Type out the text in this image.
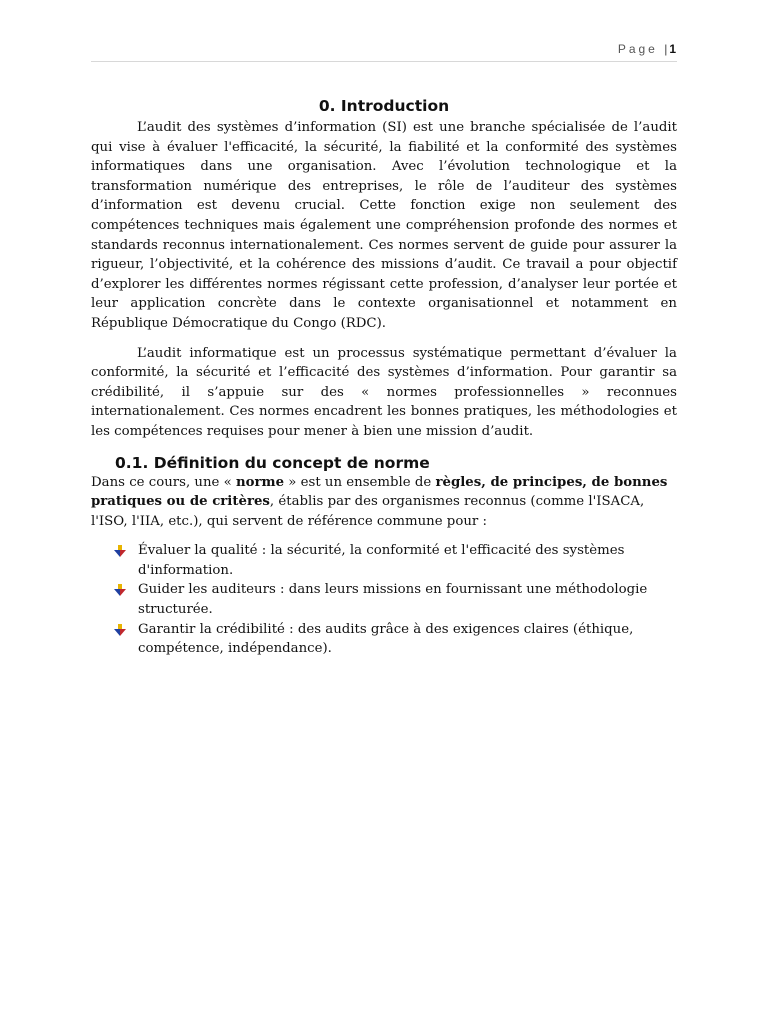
Page | 1
0. Introduction

L’audit des systèmes d’information (SI) est une branche spécialisée de l’audit qui vise à évaluer l'efficacité, la sécurité, la fiabilité et la conformité des systèmes informatiques dans une organisation. Avec l’évolution technologique et la transformation numérique des entreprises, le rôle de l’auditeur des systèmes d’information est devenu crucial. Cette fonction exige non seulement des compétences techniques mais également une compréhension profonde des normes et standards reconnus internationalement. Ces normes servent de guide pour assurer la rigueur, l’objectivité, et la cohérence des missions d’audit. Ce travail a pour objectif d’explorer les différentes normes régissant cette profession, d’analyser leur portée et leur application concrète dans le contexte organisationnel et notamment en République Démocratique du Congo (RDC).

L’audit informatique est un processus systématique permettant d’évaluer la conformité, la sécurité et l’efficacité des systèmes d’information. Pour garantir sa crédibilité, il s’appuie sur des « normes professionnelles » reconnues internationalement. Ces normes encadrent les bonnes pratiques, les méthodologies et les compétences requises pour mener à bien une mission d’audit.

0.1. Définition du concept de norme

Dans ce cours, une « norme » est un ensemble de règles, de principes, de bonnes pratiques ou de critères, établis par des organismes reconnus (comme l'ISACA, l'ISO, l'IIA, etc.), qui servent de référence commune pour :

Évaluer la qualité : la sécurité, la conformité et l'efficacité des systèmes d'information.
Guider les auditeurs : dans leurs missions en fournissant une méthodologie structurée.
Garantir la crédibilité : des audits grâce à des exigences claires (éthique, compétence, indépendance).
